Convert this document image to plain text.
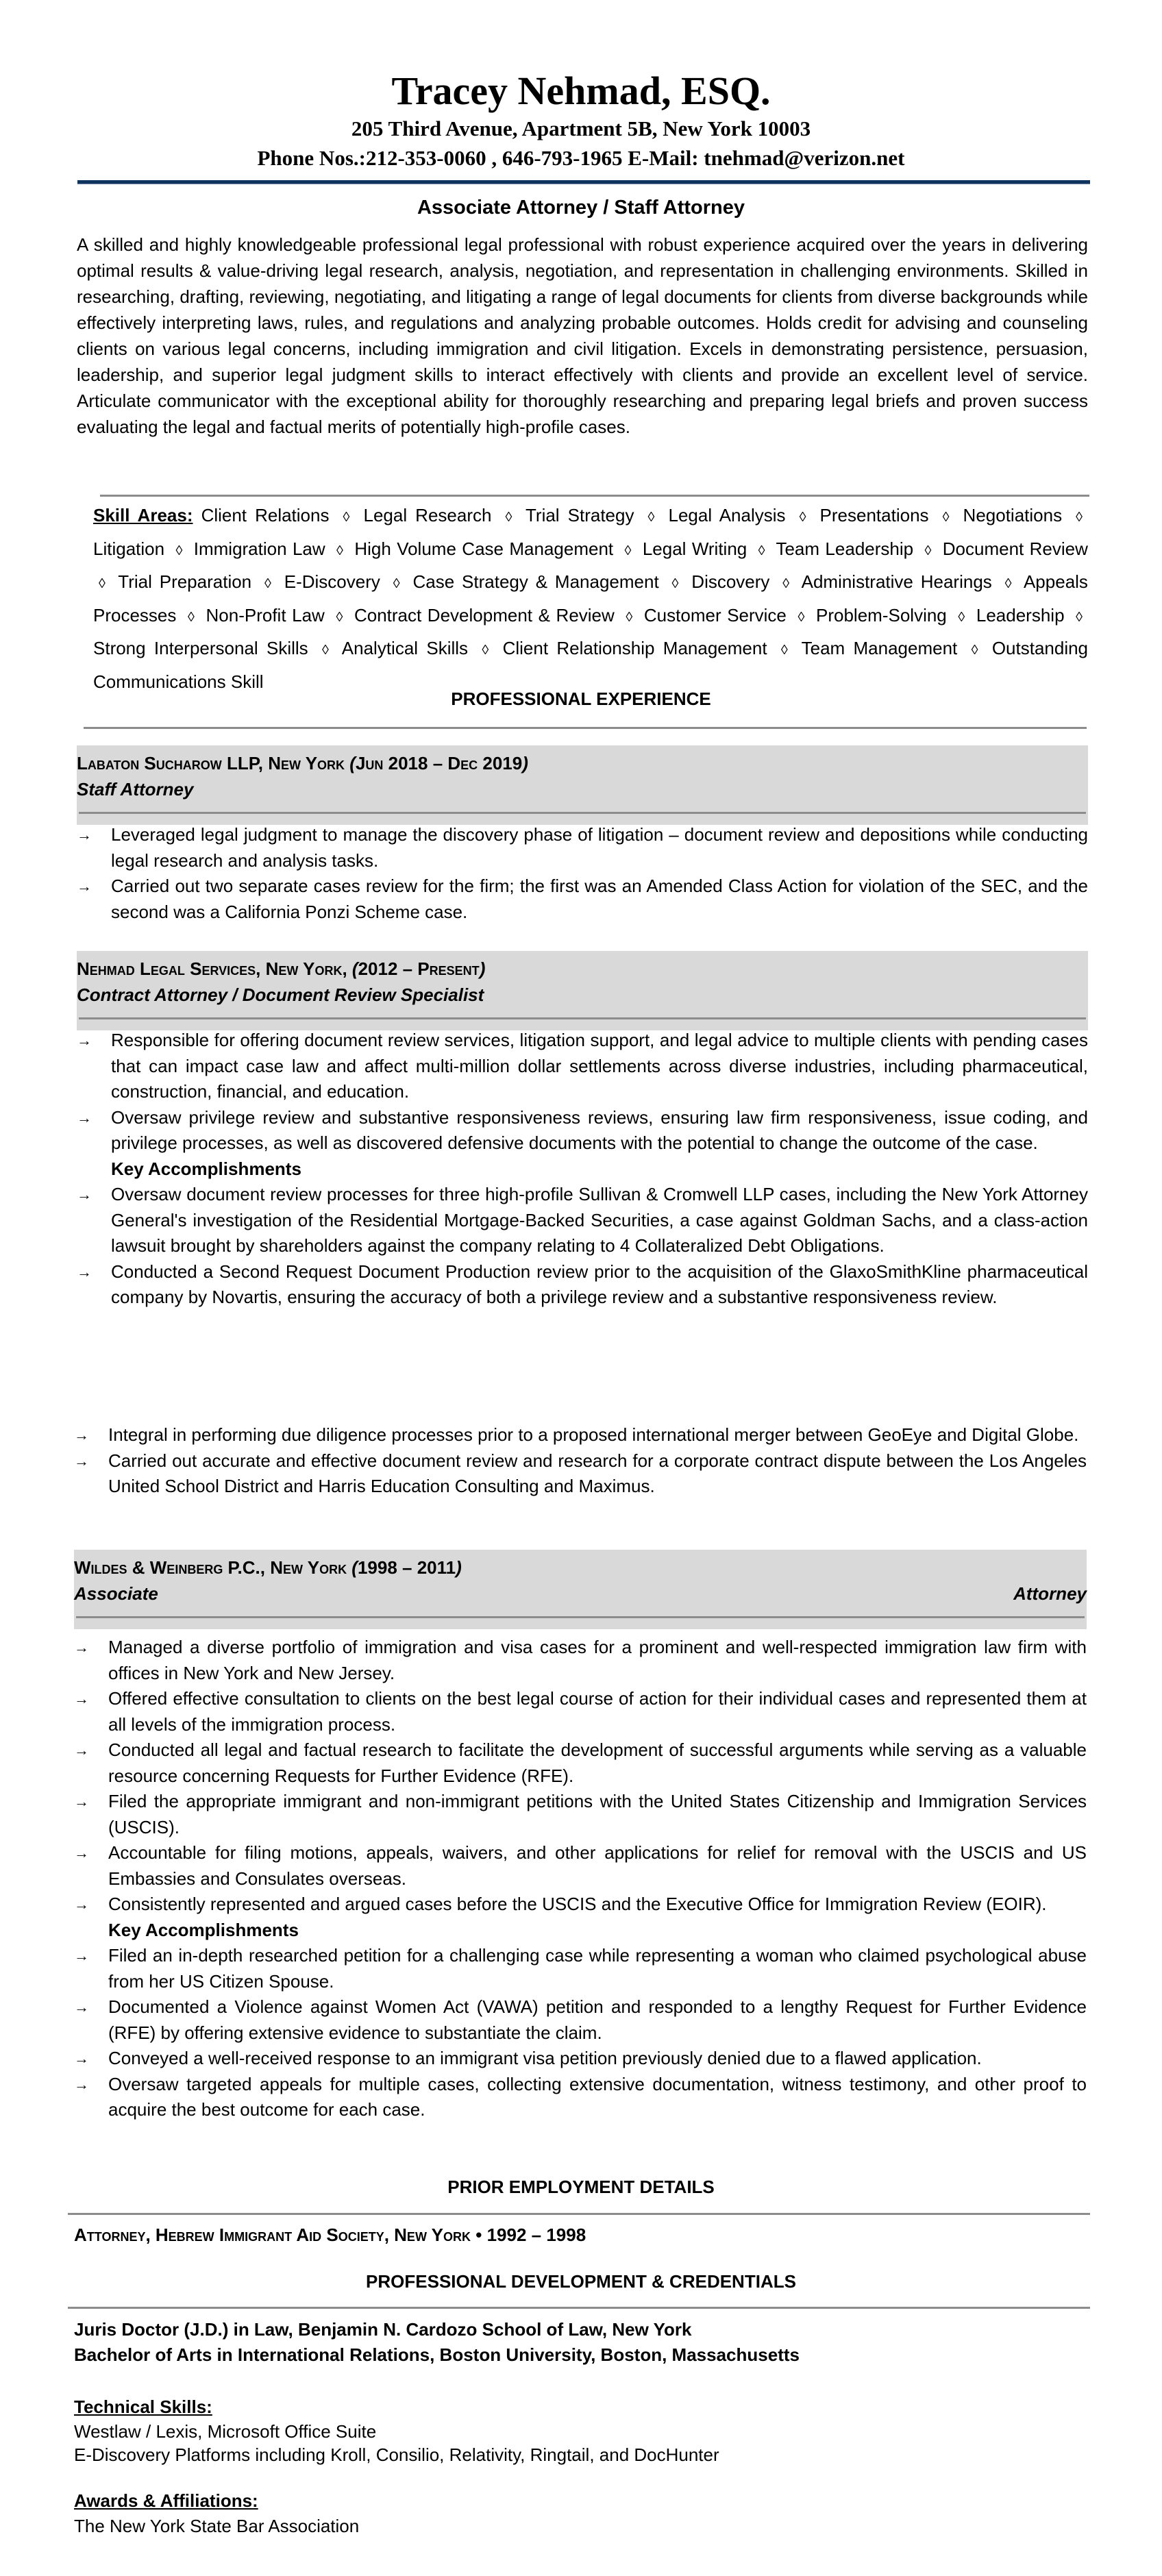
Tracey Nehmad, ESQ.
205 Third Avenue, Apartment 5B, New York 10003
Phone Nos.:212-353-0060 , 646-793-1965 E-Mail: tnehmad@verizon.net
Associate Attorney / Staff Attorney
A skilled and highly knowledgeable professional legal professional with robust experience acquired over the years in delivering optimal results & value-driving legal research, analysis, negotiation, and representation in challenging environments. Skilled in researching, drafting, reviewing, negotiating, and litigating a range of legal documents for clients from diverse backgrounds while effectively interpreting laws, rules, and regulations and analyzing probable outcomes. Holds credit for advising and counseling clients on various legal concerns, including immigration and civil litigation. Excels in demonstrating persistence, persuasion, leadership, and superior legal judgment skills to interact effectively with clients and provide an excellent level of service. Articulate communicator with the exceptional ability for thoroughly researching and preparing legal briefs and proven success evaluating the legal and factual merits of potentially high-profile cases.
Skill Areas: Client Relations ◊ Legal Research ◊ Trial Strategy ◊ Legal Analysis ◊ Presentations ◊ Negotiations ◊ Litigation ◊ Immigration Law ◊ High Volume Case Management ◊ Legal Writing ◊ Team Leadership ◊ Document Review ◊ Trial Preparation ◊ E-Discovery ◊ Case Strategy & Management ◊ Discovery ◊ Administrative Hearings ◊ Appeals Processes ◊ Non-Profit Law ◊ Contract Development & Review ◊ Customer Service ◊ Problem-Solving ◊ Leadership ◊ Strong Interpersonal Skills ◊ Analytical Skills ◊ Client Relationship Management ◊ Team Management ◊ Outstanding Communications Skill
PROFESSIONAL EXPERIENCE
Labaton Sucharow LLP, New York (Jun 2018 – Dec 2019)
Staff Attorney
→	Leveraged legal judgment to manage the discovery phase of litigation – document review and depositions while conducting legal research and analysis tasks.
→	Carried out two separate cases review for the firm; the first was an Amended Class Action for violation of the SEC, and the second was a California Ponzi Scheme case.
Nehmad Legal Services, New York, (2012 – Present)
Contract Attorney / Document Review Specialist
→	Responsible for offering document review services, litigation support, and legal advice to multiple clients with pending cases that can impact case law and affect multi-million dollar settlements across diverse industries, including pharmaceutical, construction, financial, and education.
→	Oversaw privilege review and substantive responsiveness reviews, ensuring law firm responsiveness, issue coding, and privilege processes, as well as discovered defensive documents with the potential to change the outcome of the case.
Key Accomplishments
→	Oversaw document review processes for three high-profile Sullivan & Cromwell LLP cases, including the New York Attorney General's investigation of the Residential Mortgage-Backed Securities, a case against Goldman Sachs, and a class-action lawsuit brought by shareholders against the company relating to 4 Collateralized Debt Obligations.
→	Conducted a Second Request Document Production review prior to the acquisition of the GlaxoSmithKline pharmaceutical company by Novartis, ensuring the accuracy of both a privilege review and a substantive responsiveness review.
→	Integral in performing due diligence processes prior to a proposed international merger between GeoEye and Digital Globe.
→	Carried out accurate and effective document review and research for a corporate contract dispute between the Los Angeles United School District and Harris Education Consulting and Maximus.
Wildes & Weinberg P.C., New York (1998 – 2011)
Associate	Attorney
→	Managed a diverse portfolio of immigration and visa cases for a prominent and well-respected immigration law firm with offices in New York and New Jersey.
→	Offered effective consultation to clients on the best legal course of action for their individual cases and represented them at all levels of the immigration process.
→	Conducted all legal and factual research to facilitate the development of successful arguments while serving as a valuable resource concerning Requests for Further Evidence (RFE).
→	Filed the appropriate immigrant and non-immigrant petitions with the United States Citizenship and Immigration Services (USCIS).
→	Accountable for filing motions, appeals, waivers, and other applications for relief for removal with the USCIS and US Embassies and Consulates overseas.
→	Consistently represented and argued cases before the USCIS and the Executive Office for Immigration Review (EOIR).
Key Accomplishments
→	Filed an in-depth researched petition for a challenging case while representing a woman who claimed psychological abuse from her US Citizen Spouse.
→	Documented a Violence against Women Act (VAWA) petition and responded to a lengthy Request for Further Evidence (RFE) by offering extensive evidence to substantiate the claim.
→	Conveyed a well-received response to an immigrant visa petition previously denied due to a flawed application.
→	Oversaw targeted appeals for multiple cases, collecting extensive documentation, witness testimony, and other proof to acquire the best outcome for each case.
PRIOR EMPLOYMENT DETAILS
Attorney, Hebrew Immigrant Aid Society, New York • 1992 – 1998
PROFESSIONAL DEVELOPMENT & CREDENTIALS
Juris Doctor (J.D.) in Law, Benjamin N. Cardozo School of Law, New York
Bachelor of Arts in International Relations, Boston University, Boston, Massachusetts
Technical Skills:
Westlaw / Lexis, Microsoft Office Suite
E-Discovery Platforms including Kroll, Consilio, Relativity, Ringtail, and DocHunter
Awards & Affiliations:
The New York State Bar Association
